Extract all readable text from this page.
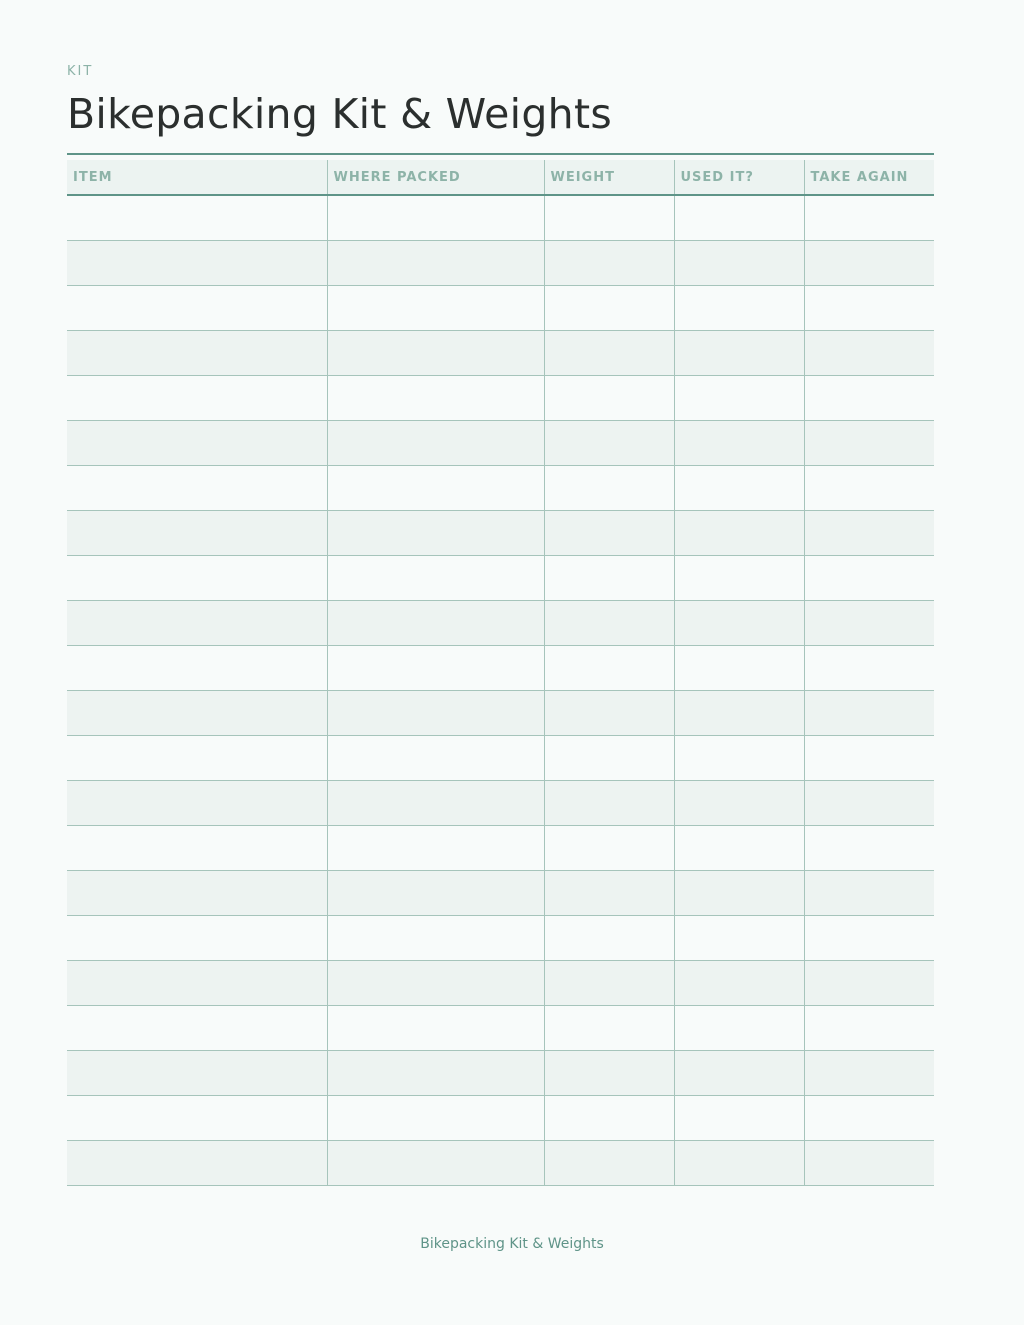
KIT
Bikepacking Kit & Weights
ITEM	WHERE PACKED	WEIGHT	USED IT?	TAKE AGAIN

Bikepacking Kit & Weights
